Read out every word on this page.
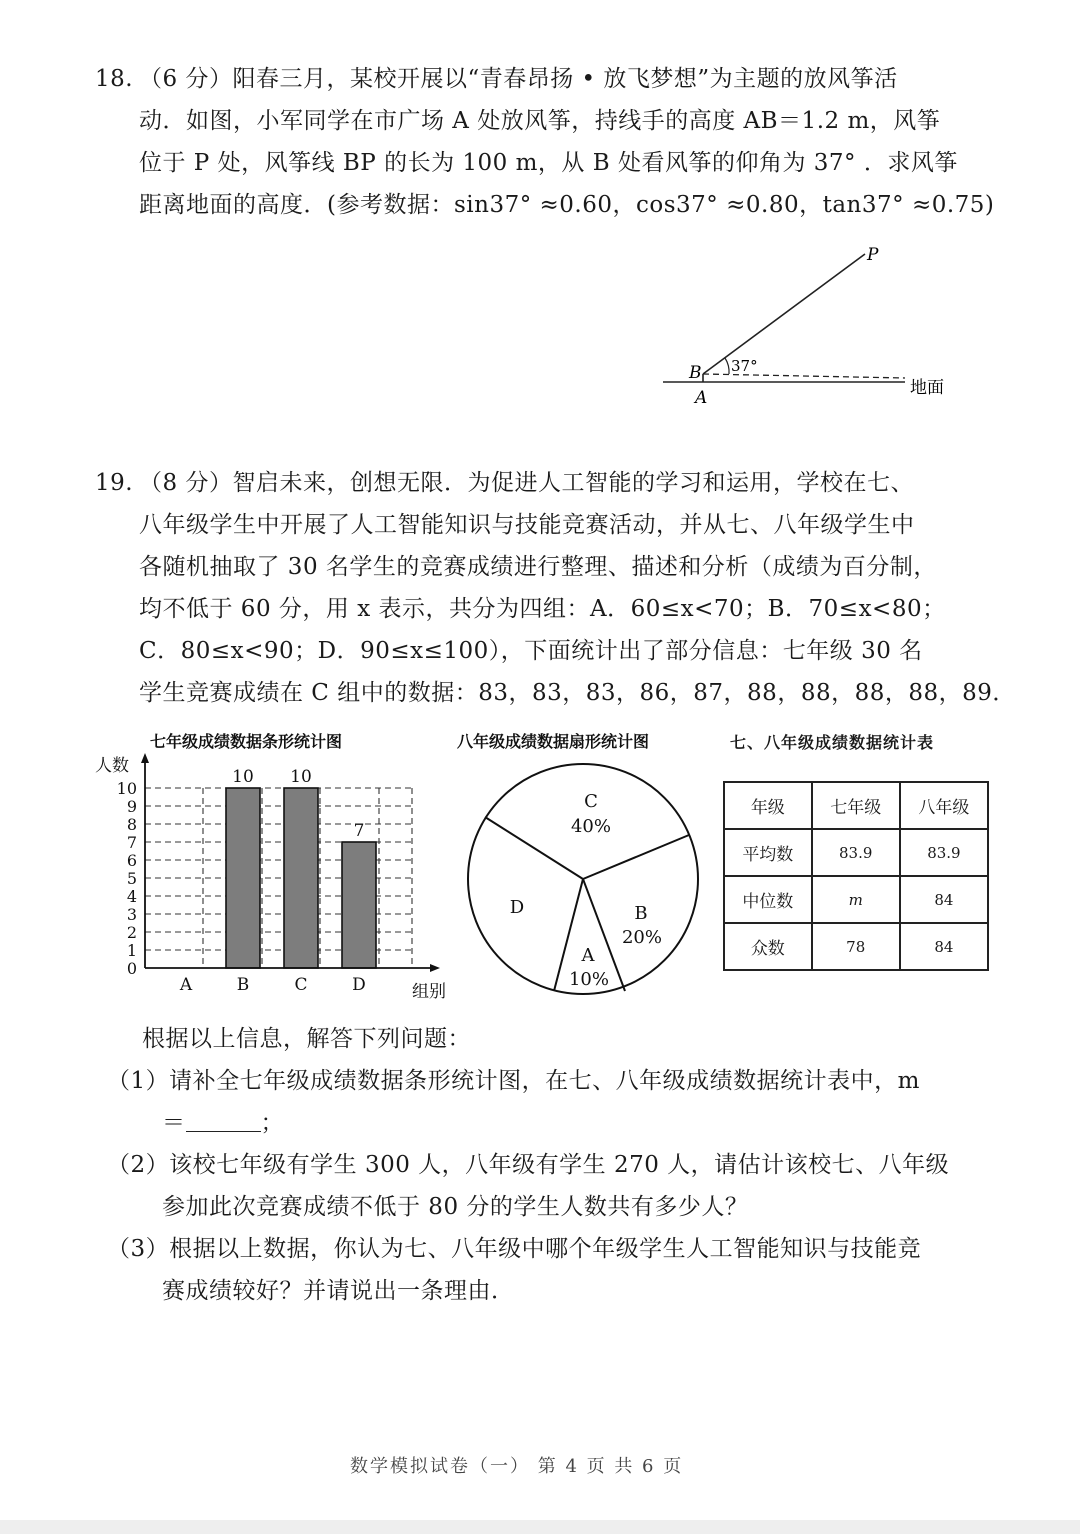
18. （6 分）阳春三月，某校开展以“青春昂扬 • 放飞梦想”为主题的放风筝活
动．如图，小军同学在市广场 A 处放风筝，持线手的高度 AB＝1.2 m，风筝
位于 P 处，风筝线 BP 的长为 100 m，从 B 处看风筝的仰角为 37° ．求风筝
距离地面的高度．(参考数据：sin37° ≈0.60，cos37° ≈0.80，tan37° ≈0.75)
P
B
A
37°
地面
19. （8 分）智启未来，创想无限．为促进人工智能的学习和运用，学校在七、
八年级学生中开展了人工智能知识与技能竞赛活动，并从七、八年级学生中
各随机抽取了 30 名学生的竞赛成绩进行整理、描述和分析（成绩为百分制，
均不低于 60 分，用 x 表示，共分为四组：A．60≤x<70；B．70≤x<80；
C．80≤x<90；D．90≤x≤100），下面统计出了部分信息：七年级 30 名
学生竞赛成绩在 C 组中的数据：83，83，83，86，87，88，88，88，88，89．
七年级成绩数据条形统计图
人数
组别
0
1
2
3
4
5
6
7
8
9
10
A
10
B
10
C
7
D
八年级成绩数据扇形统计图
C
40%
B
20%
A
10%
D
七、八年级成绩数据统计表
年级	七年级	八年级
平均数	83.9	83.9
中位数	m	84
众数	78	84
根据以上信息，解答下列问题：
（1）请补全七年级成绩数据条形统计图，在七、八年级成绩数据统计表中，m
＝	；
（2）该校七年级有学生 300 人，八年级有学生 270 人，请估计该校七、八年级
参加此次竞赛成绩不低于 80 分的学生人数共有多少人？
（3）根据以上数据，你认为七、八年级中哪个年级学生人工智能知识与技能竞
赛成绩较好？并请说出一条理由．
数学模拟试卷（一） 第 4 页 共 6 页
